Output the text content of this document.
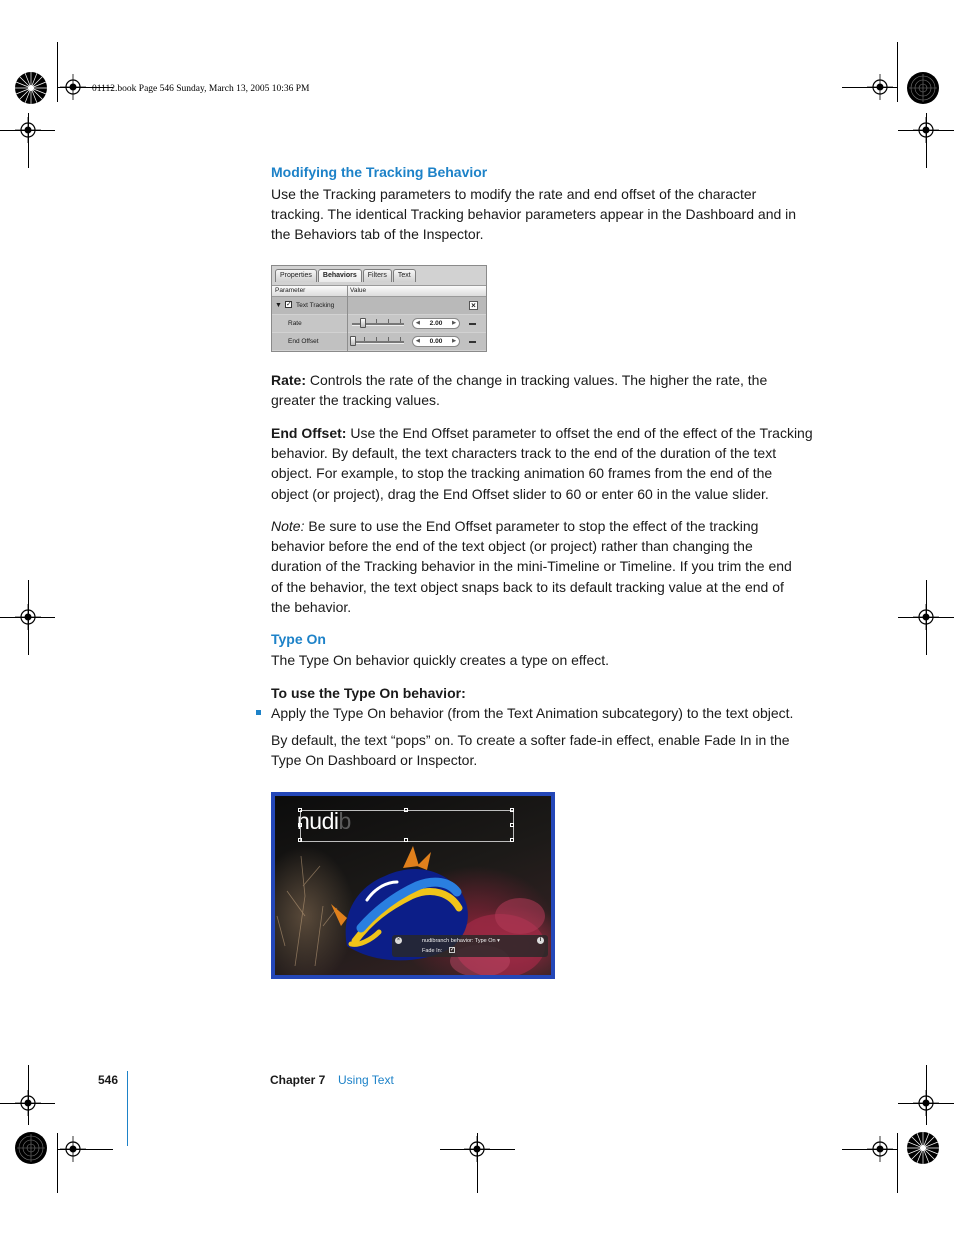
01112.book Page 546 Sunday, March 13, 2005 10:36 PM
Modifying the Tracking Behavior
Use the Tracking parameters to modify the rate and end offset of the character
tracking. The identical Tracking behavior parameters appear in the Dashboard and in
the Behaviors tab of the Inspector.
Properties	Behaviors	Filters	Text
Parameter	Value
▼ ✓ Text Tracking	×
Rate	◀ 2.00 ▶
End Offset	◀ 0.00 ▶
Rate: Controls the rate of the change in tracking values. The higher the rate, the
greater the tracking values.
End Offset: Use the End Offset parameter to offset the end of the effect of the Tracking
behavior. By default, the text characters track to the end of the duration of the text
object. For example, to stop the tracking animation 60 frames from the end of the
object (or project), drag the End Offset slider to 60 or enter 60 in the value slider.
Note: Be sure to use the End Offset parameter to stop the effect of the tracking
behavior before the end of the text object (or project) rather than changing the
duration of the Tracking behavior in the mini-Timeline or Timeline. If you trim the end
of the behavior, the text object snaps back to its default tracking value at the end of
the behavior.
Type On
The Type On behavior quickly creates a type on effect.
To use the Type On behavior:
Apply the Type On behavior (from the Text Animation subcategory) to the text object.
By default, the text “pops” on. To create a softer fade-in effect, enable Fade In in the
Type On Dashboard or Inspector.
nudib
×	nudibranch behavior: Type On ▾	i
Fade In: ✓
546	Chapter 7 Using Text
